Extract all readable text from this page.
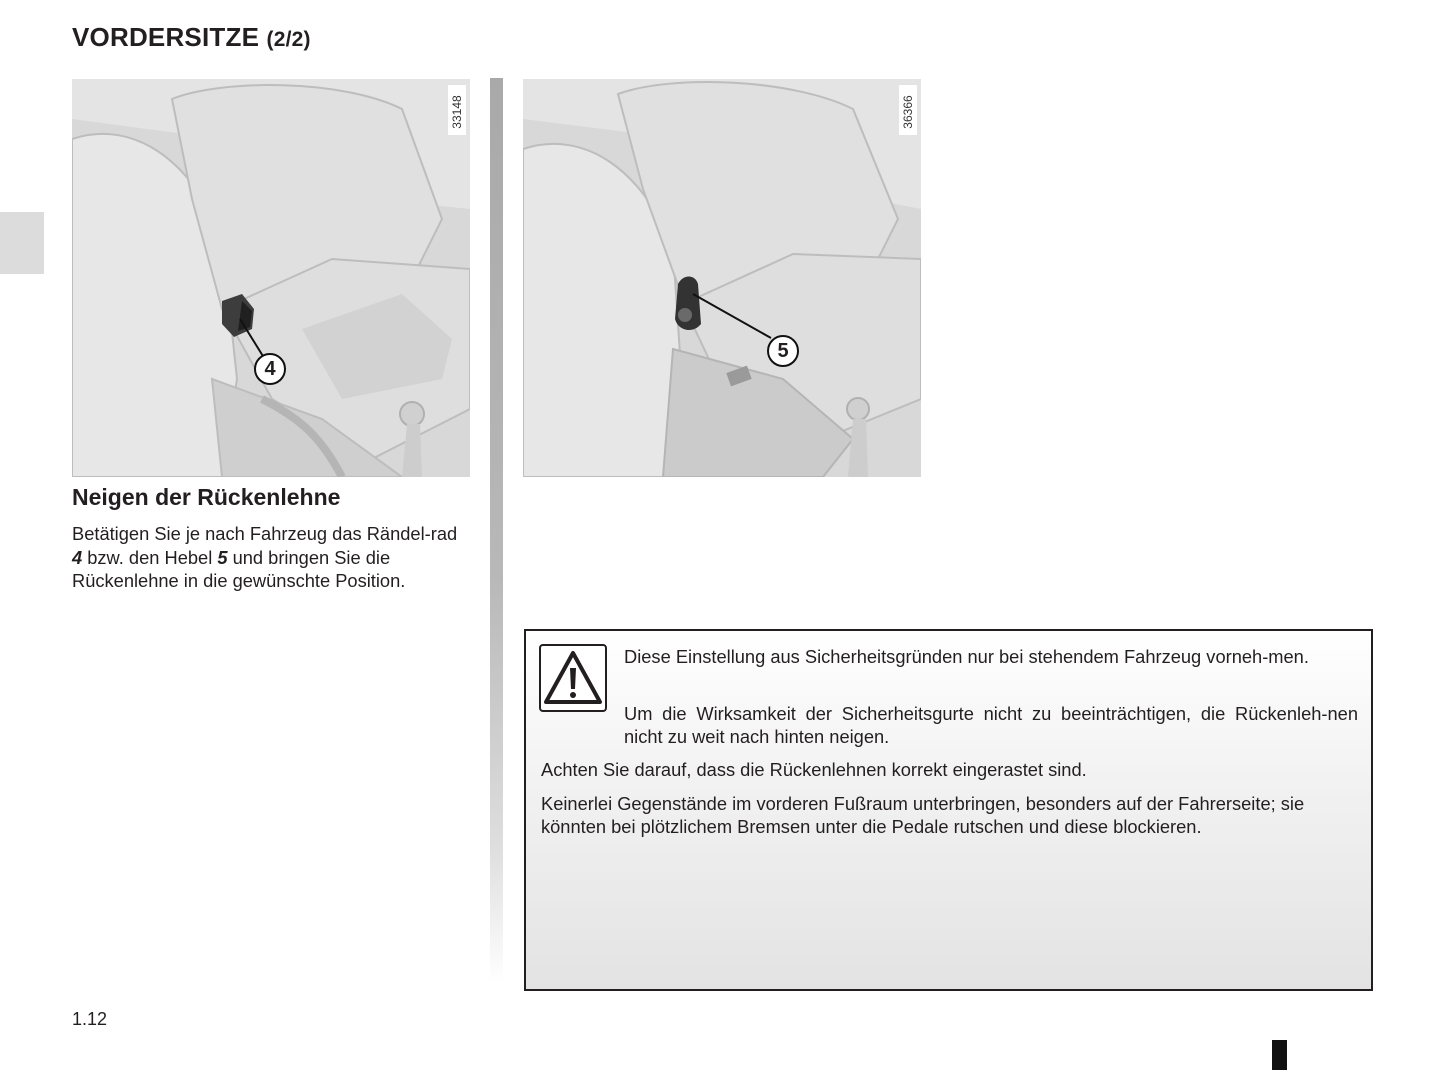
VORDERSITZE (2/2)
33148
4
36366
5
Neigen der Rückenlehne

Betätigen Sie je nach Fahrzeug das Rändel-rad 4 bzw. den Hebel 5 und bringen Sie die Rückenlehne in die gewünschte Position.

Diese Einstellung aus Sicherheitsgründen nur bei stehendem Fahrzeug vorneh-men.

Um die Wirksamkeit der Sicherheitsgurte nicht zu beeinträchtigen, die Rückenleh-nen nicht zu weit nach hinten neigen.

Achten Sie darauf, dass die Rückenlehnen korrekt eingerastet sind.

Keinerlei Gegenstände im vorderen Fußraum unterbringen, besonders auf der Fahrerseite; sie könnten bei plötzlichem Bremsen unter die Pedale rutschen und diese blockieren.

1.12
